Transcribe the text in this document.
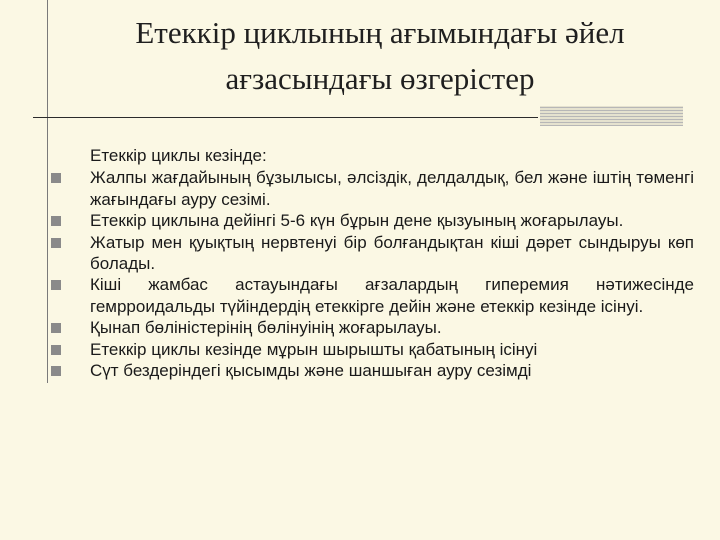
Етеккір циклының ағымындағы әйел
ағзасындағы өзгерістер
Етеккір циклы кезінде:
Жалпы жағдайының бұзылысы, әлсіздік, делдалдық, бел және іштің төменгі жағындағы ауру сезімі.
Етеккір циклына дейінгі 5-6 күн бұрын дене қызуының жоғарылауы.
Жатыр мен қуықтың нервтенуі бір болғандықтан кіші дәрет сындыруы көп болады.
Кіші жамбас астауындағы ағзалардың гиперемия нәтижесінде гемрроидальды түйіндердің етеккірге дейін және етеккір кезінде ісінуі.
Қынап бөліністерінің бөлінуінің жоғарылауы.
Етеккір циклы кезінде мұрын шырышты қабатының ісінуі
Сүт бездеріндегі қысымды және шаншыған ауру сезімді
